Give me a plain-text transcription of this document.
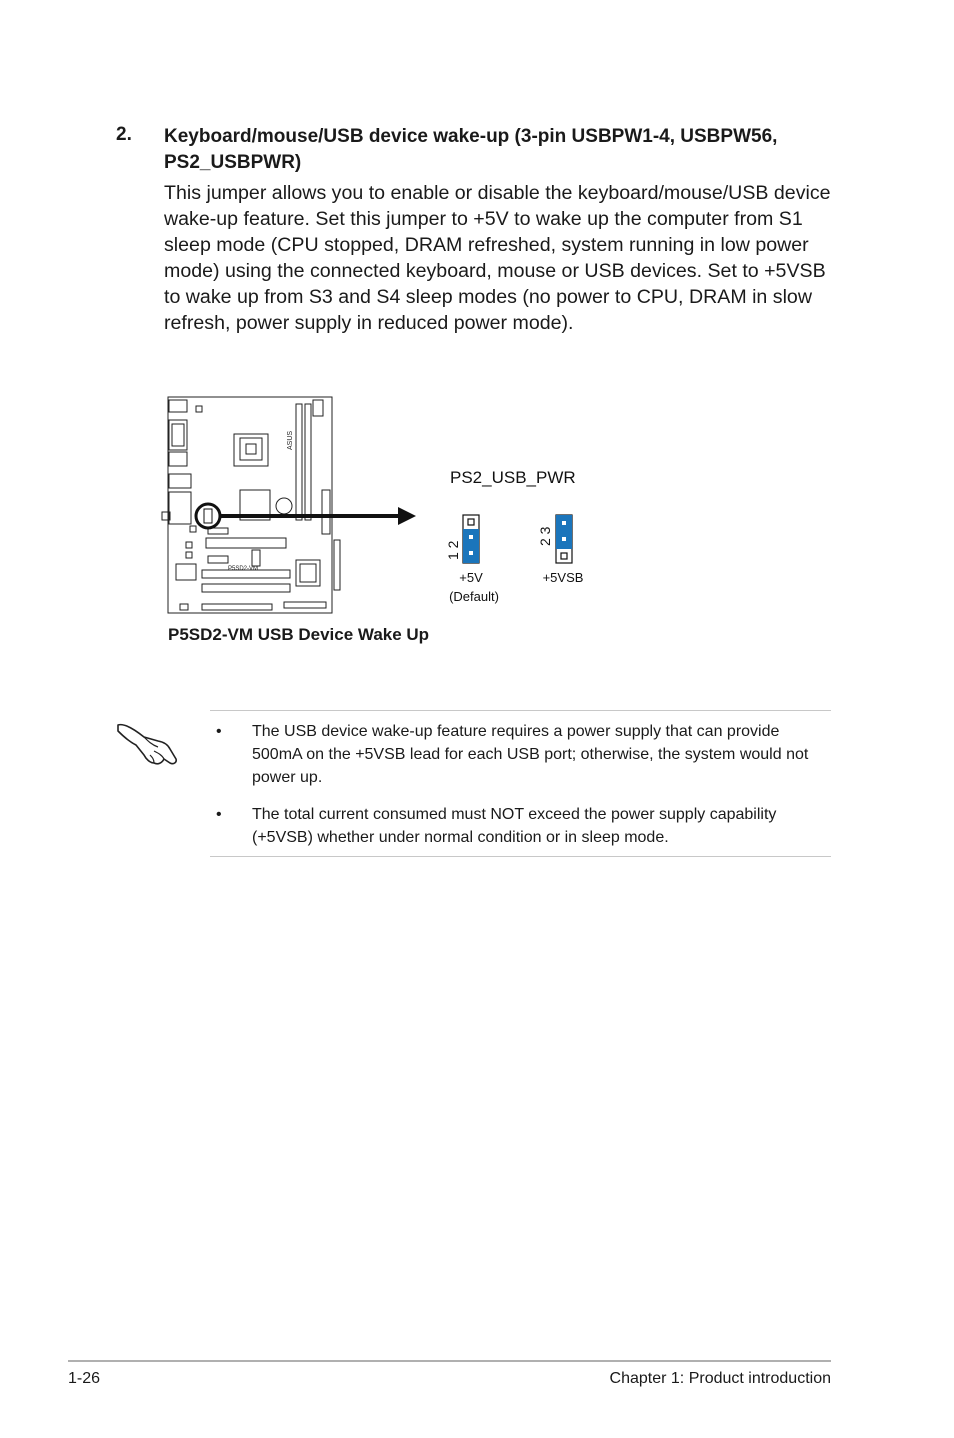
2. Keyboard/mouse/USB device wake-up (3-pin USBPW1-4, USBPW56, PS2_USBPWR)
This jumper allows you to enable or disable the keyboard/mouse/USB device wake-up feature. Set this jumper to +5V to wake up the computer from S1 sleep mode (CPU stopped, DRAM refreshed, system running in low power mode) using the connected keyboard, mouse or USB devices. Set to +5VSB to wake up from S3 and S4 sleep modes (no power to CPU, DRAM in slow refresh, power supply in reduced power mode).
ASUS
P5SD2-VM
PS2_USB_PWR
1 2
+5V
(Default)
2 3
+5VSB
P5SD2-VM USB Device Wake Up
• The USB device wake-up feature requires a power supply that can provide 500mA on the +5VSB lead for each USB port; otherwise, the system would not power up.
• The total current consumed must NOT exceed the power supply capability (+5VSB) whether under normal condition or in sleep mode.
1-26	Chapter 1: Product introduction
